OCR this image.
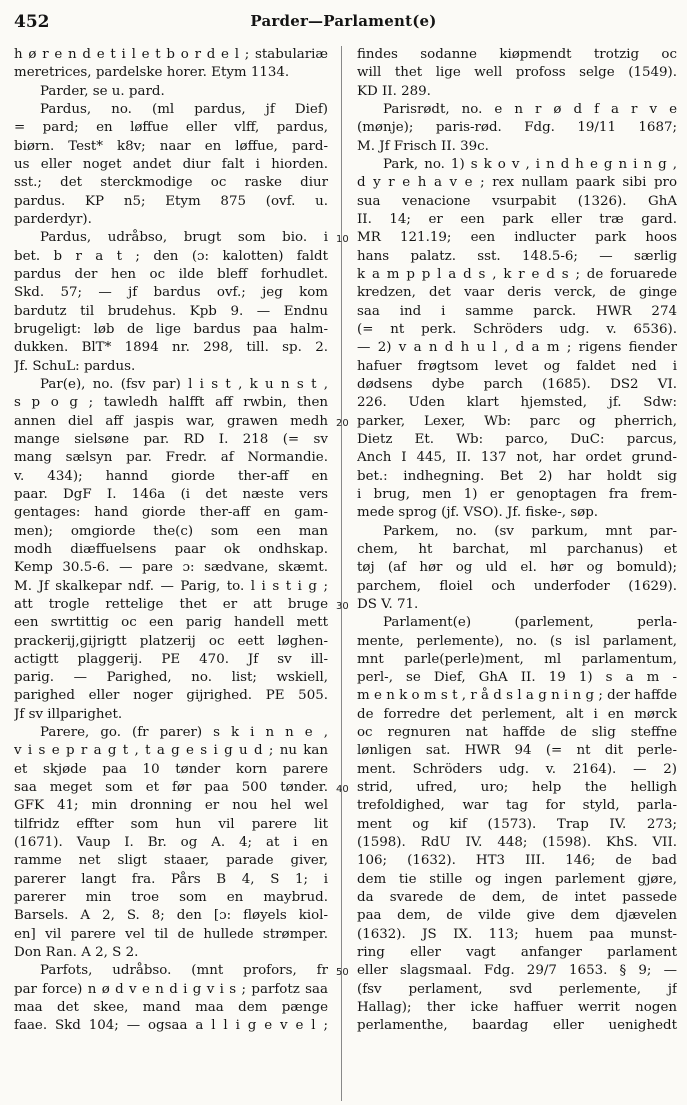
452	Parder—Parlament(e)
h ø r e n d e t i l e t b o r d e l ; stabulariæ
meretrices, pardelske horer. Etym 1134.
Parder, se u. pard.
Pardus, no. (ml pardus, jf Dief)
= pard; en løffue eller vlff, pardus,
biørn. Test* k8v; naar en løffue, pard-
us eller noget andet diur falt i hiorden.
sst.; det sterckmodige oc raske diur
pardus. KP n5; Etym 875 (ovf. u.
parderdyr).
Pardus, udråbso, brugt som bio. i
bet. b r a t ; den (ɔ: kalotten) faldt
pardus der hen oc ilde bleff forhudlet.
Skd. 57; — jf bardus ovf.; jeg kom
bardutz til brudehus. Kpb 9. — Endnu
brugeligt: løb de lige bardus paa halm-
dukken. BlT* 1894 nr. 298, till. sp. 2.
Jf. SchuL: pardus.
Par(e), no. (fsv par) l i s t , k u n s t ,
s p o g ; tawledh halfft aff rwbin, then
annen diel aff jaspis war, grawen medh
mange sielsøne par. RD I. 218 (= sv
mang sælsyn par. Fredr. af Normandie.
v. 434); hannd giorde ther-aff en
paar. DgF I. 146a (i det næste vers
gentages: hand giorde ther-aff en gam-
men); omgiorde the(c) som een man
modh diæffuelsens paar ok ondhskap.
Kemp 30.5-6. — pare ɔ: sædvane, skæmt.
M. Jf skalkepar ndf. — Parig, to. l i s t i g ;
att trogle rettelige thet er att bruge
een swrtittig oc een parig handell mett
prackerij,gijrigtt platzerij oc eett løghen-
actigtt plaggerij. PE 470. Jf sv ill-
parig. — Parighed, no. list; wskiell,
parighed eller noger gijrighed. PE 505.
Jf sv illparighet.
Parere, go. (fr parer) s k i n n e ,
v i s e p r a g t , t a g e s i g u d ; nu kan
et skjøde paa 10 tønder korn parere
saa meget som et før paa 500 tønder.
GFK 41; min dronning er nou hel wel
tilfridz effter som hun vil parere lit
(1671). Vaup I. Br. og A. 4; at i en
ramme net sligt staaer, parade giver,
parerer langt fra. Pårs B 4, S 1; i
parerer min troe som en maybrud.
Barsels. A 2, S. 8; den [ɔ: fløyels kiol-
en] vil parere vel til de hullede strømper.
Don Ran. A 2, S 2.
Parfots, udråbso. (mnt profors, fr
par force) n ø d v e n d i g v i s ; parfotz saa
maa det skee, mand maa dem pænge
faae. Skd 104; — ogsaa a l l i g e v e l ;
findes sodanne kiøpmendt trotzig oc
will thet lige well profoss selge (1549).
KD II. 289.
Parisrødt, no. e n r ø d f a r v e
(mønje); paris-rød. Fdg. 19/11 1687;
M. Jf Frisch II. 39c.
Park, no. 1) s k o v , i n d h e g n i n g ,
d y r e h a v e ; rex nullam paark sibi pro
sua venacione vsurpabit (1326). GhA
II. 14; er een park eller træ gard.
MR 121.19; een indlucter park hoos
hans palatz. sst. 148.5-6; — særlig
k a m p p l a d s , k r e d s ; de foruarede
kredzen, det vaar deris verck, de ginge
saa ind i samme parck. HWR 274
(= nt perk. Schröders udg. v. 6536).
— 2) v a n d h u l , d a m ; rigens fiender
hafuer frøgtsom levet og faldet ned i
dødsens dybe parch (1685). DS2 VI.
226. Uden klart hjemsted, jf. Sdw:
parker, Lexer, Wb: parc og pherrich,
Dietz Et. Wb: parco, DuC: parcus,
Anch I 445, II. 137 not, har ordet grund-
bet.: indhegning. Bet 2) har holdt sig
i brug, men 1) er genoptagen fra frem-
mede sprog (jf. VSO). Jf. fiske-, søp.
Parkem, no. (sv parkum, mnt par-
chem, ht barchat, ml parchanus) et
tøj (af hør og uld el. hør og bomuld);
parchem, floiel och underfoder (1629).
DS V. 71.
Parlament(e) (parlement, perla-
mente, perlemente), no. (s isl parlament,
mnt parle(perle)ment, ml parlamentum,
perl-, se Dief, GhA II. 19 1) s a m -
m e n k o m s t , r å d s l a g n i n g ; der haffde
de forredre det perlement, alt i en mørck
oc regnuren nat haffde de slig steffne
lønligen sat. HWR 94 (= nt dit perle-
ment. Schröders udg. v. 2164). — 2)
strid, ufred, uro; help the helligh
trefoldighed, war tag for styld, parla-
ment og kif (1573). Trap IV. 273;
(1598). RdU IV. 448; (1598). KhS. VII.
106; (1632). HT3 III. 146; de bad
dem tie stille og ingen parlement gjøre,
da svarede de dem, de intet passede
paa dem, de vilde give dem djævelen
(1632). JS IX. 113; huem paa munst-
ring eller vagt anfanger parlament
eller slagsmaal. Fdg. 29/7 1653. § 9; —
(fsv perlament, svd perlemente, jf
Hallag); ther icke haffuer werrit nogen
perlamenthe, baardag eller uenighedt
10
20
30
40
50
